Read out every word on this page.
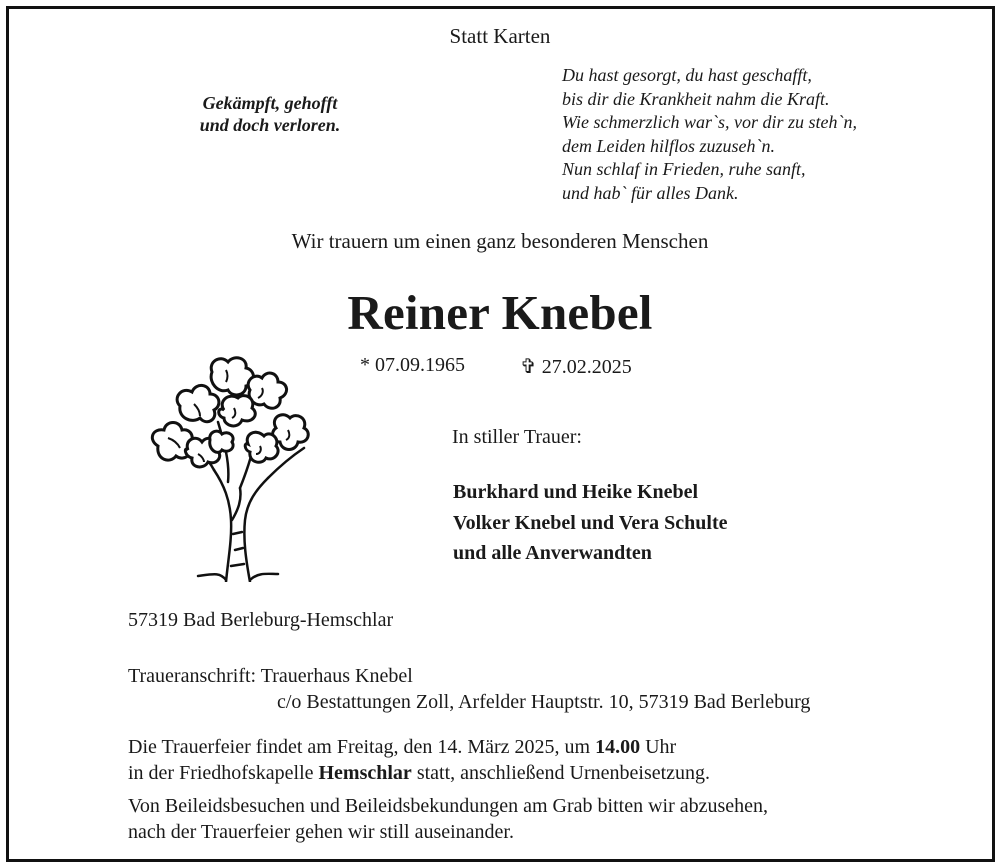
Statt Karten
Gekämpft, gehofft
und doch verloren.
Du hast gesorgt, du hast geschafft,
bis dir die Krankheit nahm die Kraft.
Wie schmerzlich war`s, vor dir zu steh`n,
dem Leiden hilflos zuzuseh`n.
Nun schlaf in Frieden, ruhe sanft,
und hab` für alles Dank.
Wir trauern um einen ganz besonderen Menschen
Reiner Knebel
* 07.09.1965	✞ 27.02.2025
In stiller Trauer:
Burkhard und Heike Knebel
Volker Knebel und Vera Schulte
und alle Anverwandten
57319 Bad Berleburg-Hemschlar
Traueranschrift: Trauerhaus Knebel
c/o Bestattungen Zoll, Arfelder Hauptstr. 10, 57319 Bad Berleburg
Die Trauerfeier findet am Freitag, den 14. März 2025, um 14.00 Uhr
in der Friedhofskapelle Hemschlar statt, anschließend Urnenbeisetzung.
Von Beileidsbesuchen und Beileidsbekundungen am Grab bitten wir abzusehen,
nach der Trauerfeier gehen wir still auseinander.
